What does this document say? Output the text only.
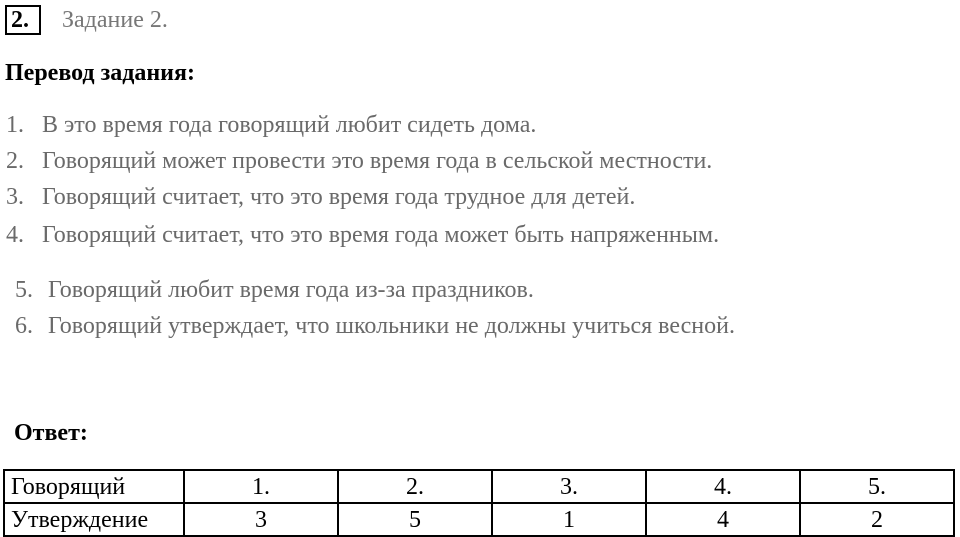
2.	Задание 2.
Перевод задания:
1. В это время года говорящий любит сидеть дома.
2. Говорящий может провести это время года в сельской местности.
3. Говорящий считает, что это время года трудное для детей.
4. Говорящий считает, что это время года может быть напряженным.
5. Говорящий любит время года из-за праздников.
6. Говорящий утверждает, что школьники не должны учиться весной.
Ответ:
Говорящий	1.	2.	3.	4.	5.
Утверждение	3	5	1	4	2
